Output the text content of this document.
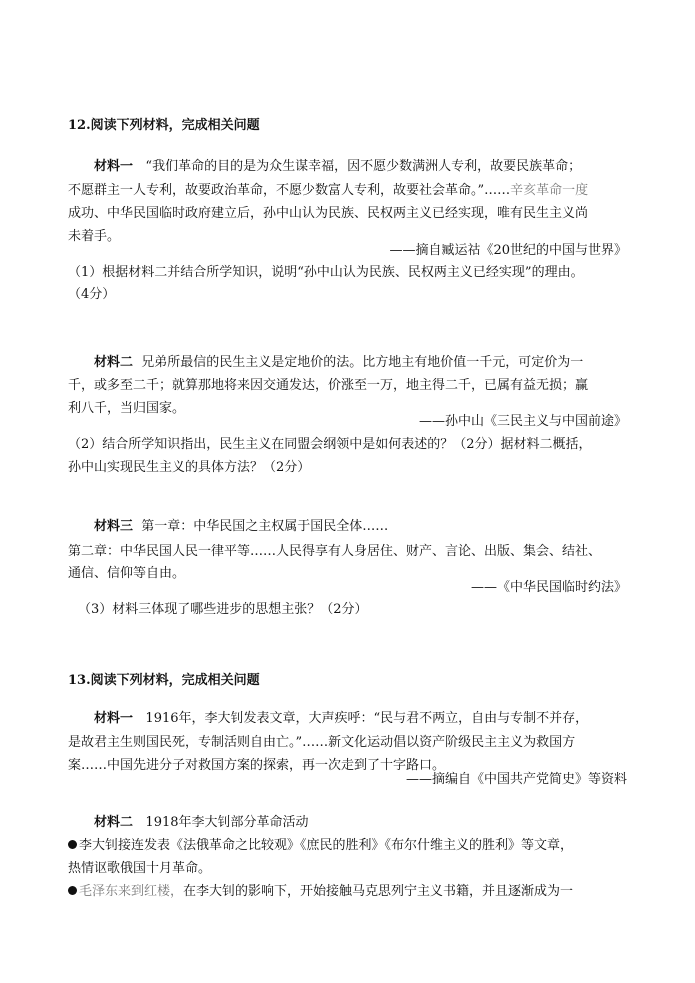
12.阅读下列材料，完成相关问题
材料一 “我们革命的目的是为众生谋幸福，因不愿少数满洲人专利，故要民族革命；
不愿群主一人专利，故要政治革命，不愿少数富人专利，故要社会革命。”……辛亥革命一度
成功、中华民国临时政府建立后，孙中山认为民族、民权两主义已经实现，唯有民生主义尚
未着手。
——摘自臧运祜《20世纪的中国与世界》
（1）根据材料二并结合所学知识，说明“孙中山认为民族、民权两主义已经实现”的理由。
（4分）
材料二 兄弟所最信的民生主义是定地价的法。比方地主有地价值一千元，可定价为一
千，或多至二千；就算那地将来因交通发达，价涨至一万，地主得二千，已属有益无损；赢
利八千，当归国家。
——孙中山《三民主义与中国前途》
（2）结合所学知识指出，民生主义在同盟会纲领中是如何表述的？（2分）据材料二概括，
孙中山实现民生主义的具体方法？（2分）
材料三 第一章：中华民国之主权属于国民全体……
第二章：中华民国人民一律平等……人民得享有人身居住、财产、言论、出版、集会、结社、
通信、信仰等自由。
——《中华民国临时约法》
（3）材料三体现了哪些进步的思想主张？（2分）
13.阅读下列材料，完成相关问题
材料一 1916年，李大钊发表文章，大声疾呼：“民与君不两立，自由与专制不并存，
是故君主生则国民死，专制活则自由亡。”……新文化运动倡以资产阶级民主主义为救国方
案……中国先进分子对救国方案的探索，再一次走到了十字路口。
——摘编自《中国共产党简史》等资料
材料二 1918年李大钊部分革命活动
李大钊接连发表《法俄革命之比较观》《庶民的胜利》《布尔什维主义的胜利》等文章，
热情讴歌俄国十月革命。
毛泽东来到红楼，在李大钊的影响下，开始接触马克思列宁主义书籍，并且逐渐成为一
